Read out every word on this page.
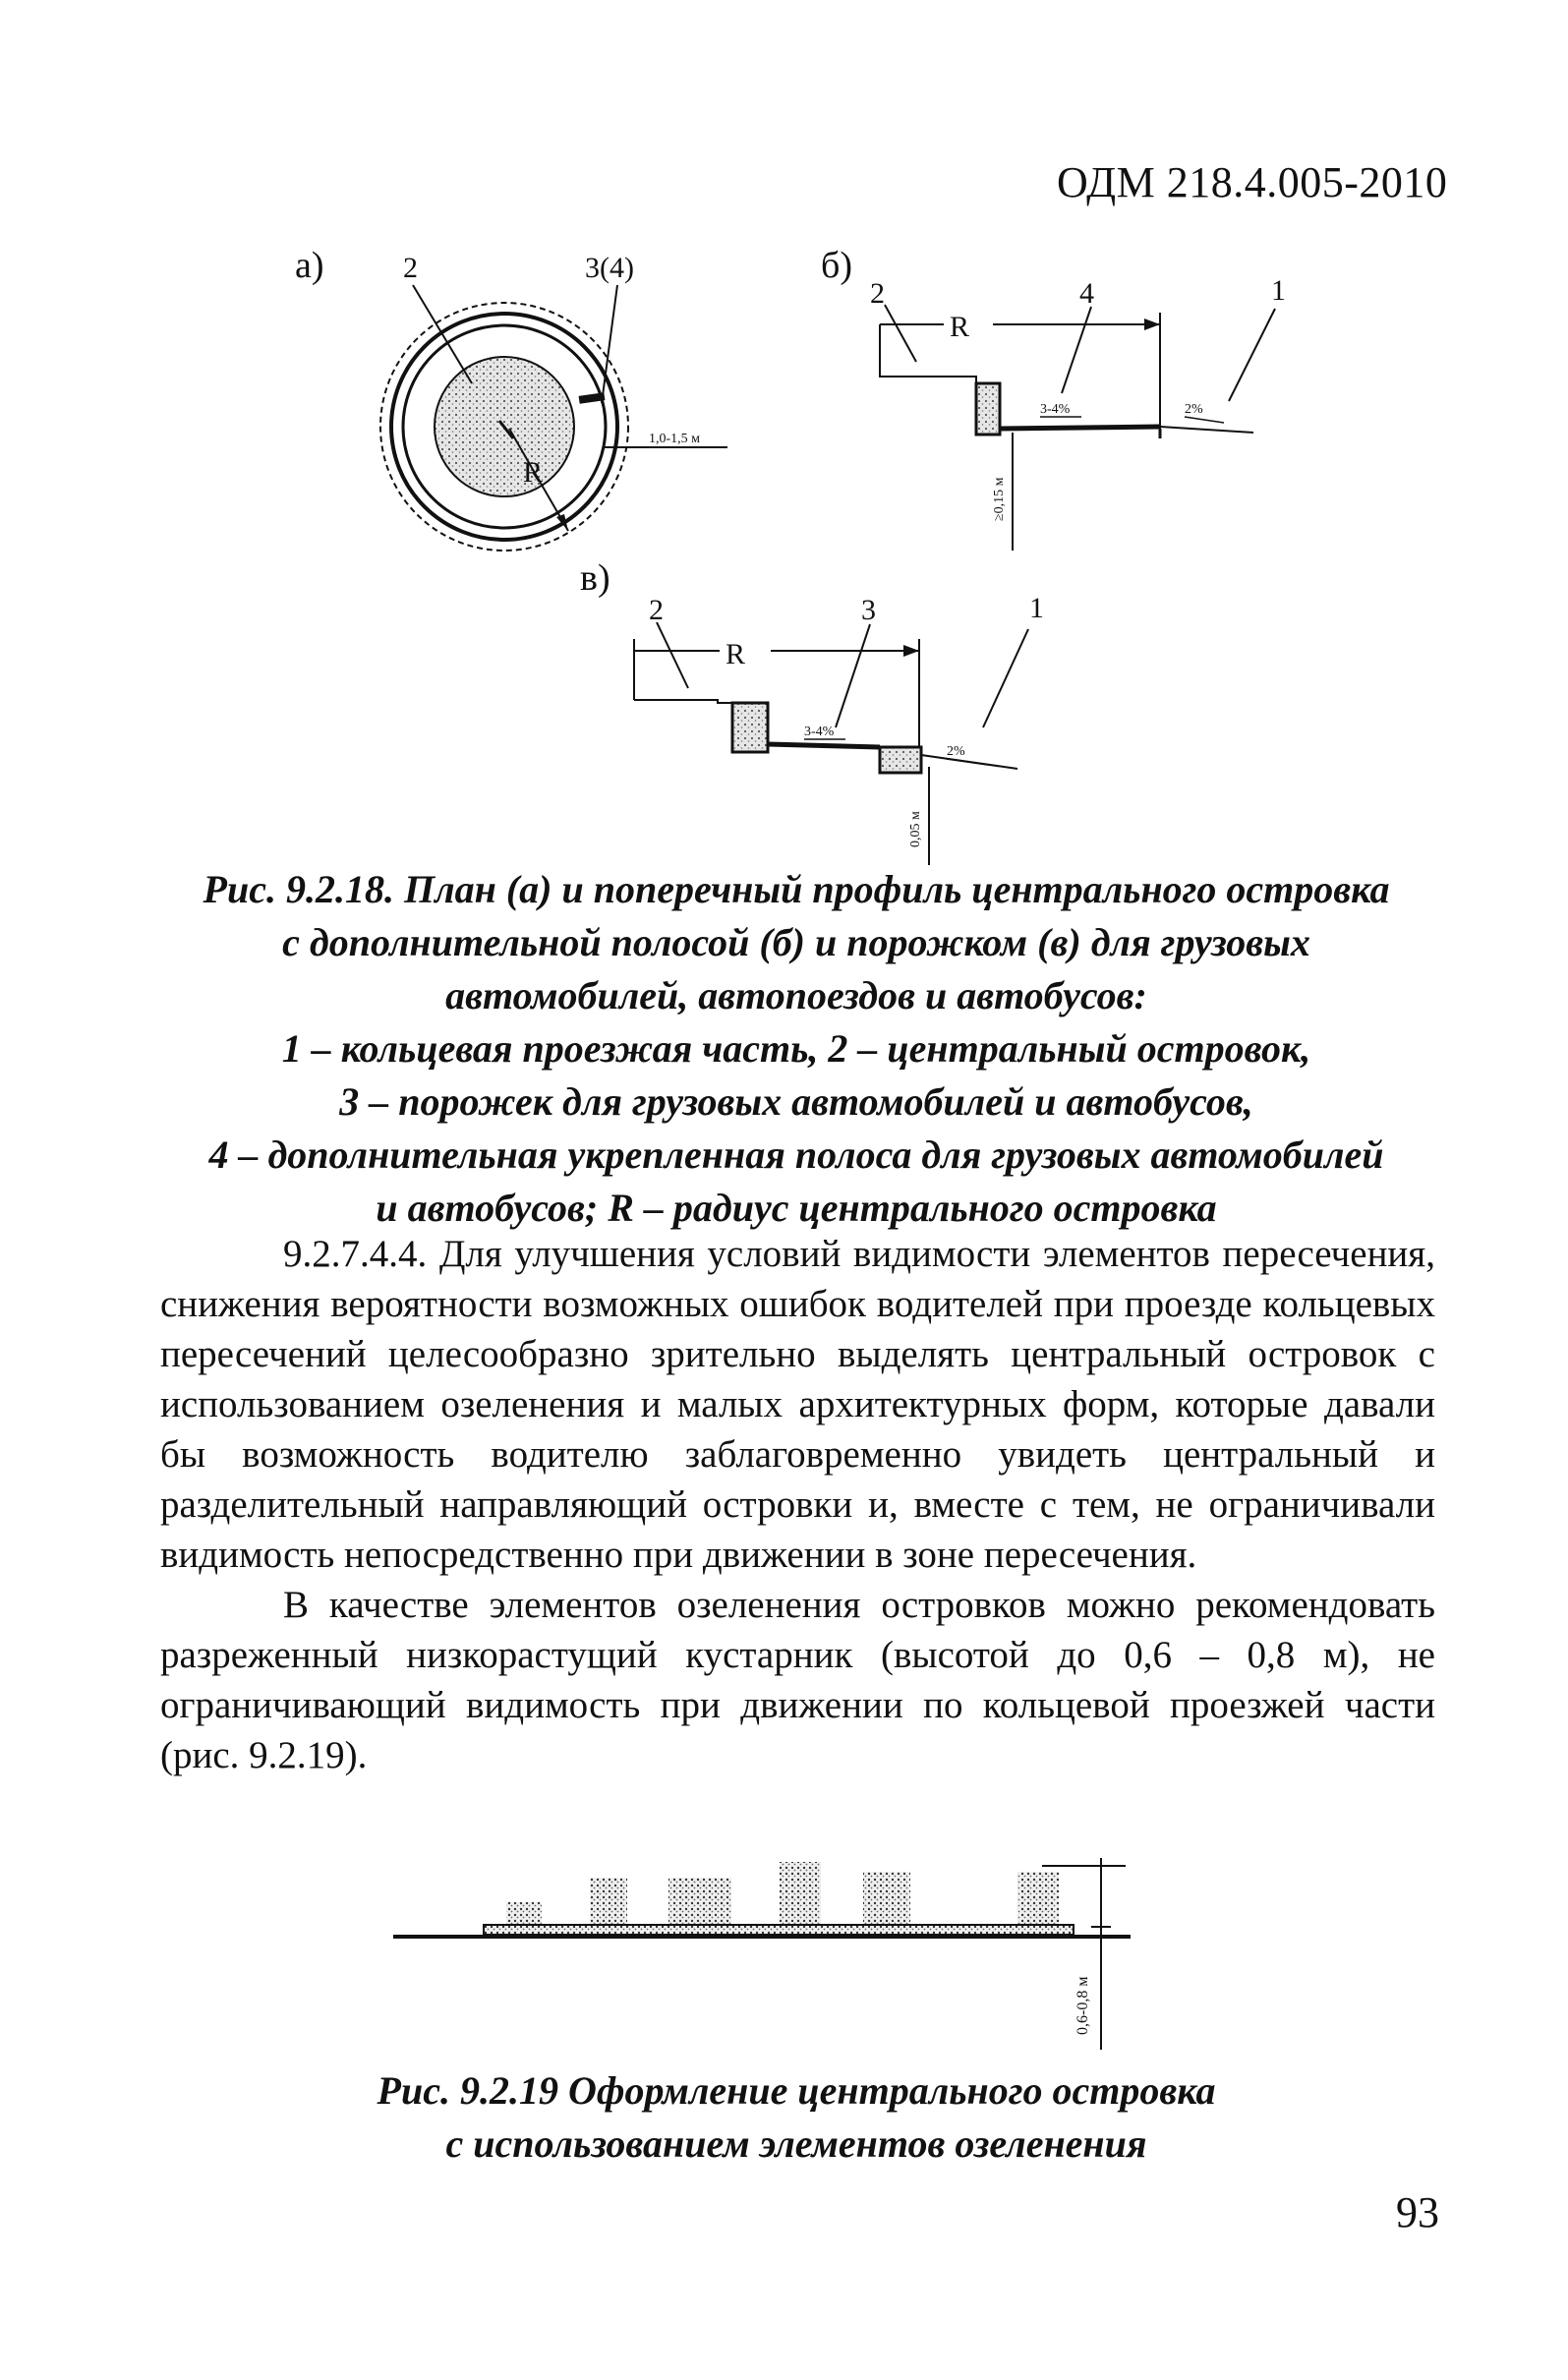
ОДМ 218.4.005-2010
а)	2	3(4)
R
1,0-1,5 м
б)
2	4	1
R
3-4%	2%
≥0,15 м
в)
2	3	1
R
3-4%
2%
0,05 м
Рис. 9.2.18. План (а) и поперечный профиль центрального островка
с дополнительной полосой (б) и порожком (в) для грузовых
автомобилей, автопоездов и автобусов:
1 – кольцевая проезжая часть, 2 – центральный островок,
3 – порожек для грузовых автомобилей и автобусов,
4 – дополнительная укрепленная полоса для грузовых автомобилей
и автобусов; R – радиус центрального островка

9.2.7.4.4. Для улучшения условий видимости элементов пересечения, снижения вероятности возможных ошибок водителей при проезде кольцевых пересечений целесообразно зрительно выделять центральный островок с использованием озеленения и малых архитектурных форм, которые давали бы возможность водителю заблаговременно увидеть центральный и разделительный направляющий островки и, вместе с тем, не ограничивали видимость непосредственно при движении в зоне пересечения.

В качестве элементов озеленения островков можно рекомендовать разреженный низкорастущий кустарник (высотой до 0,6 – 0,8 м), не ограничивающий видимость при движении по кольцевой проезжей части (рис. 9.2.19).

0,6-0,8 м
Рис. 9.2.19 Оформление центрального островка
с использованием элементов озеленения
93
